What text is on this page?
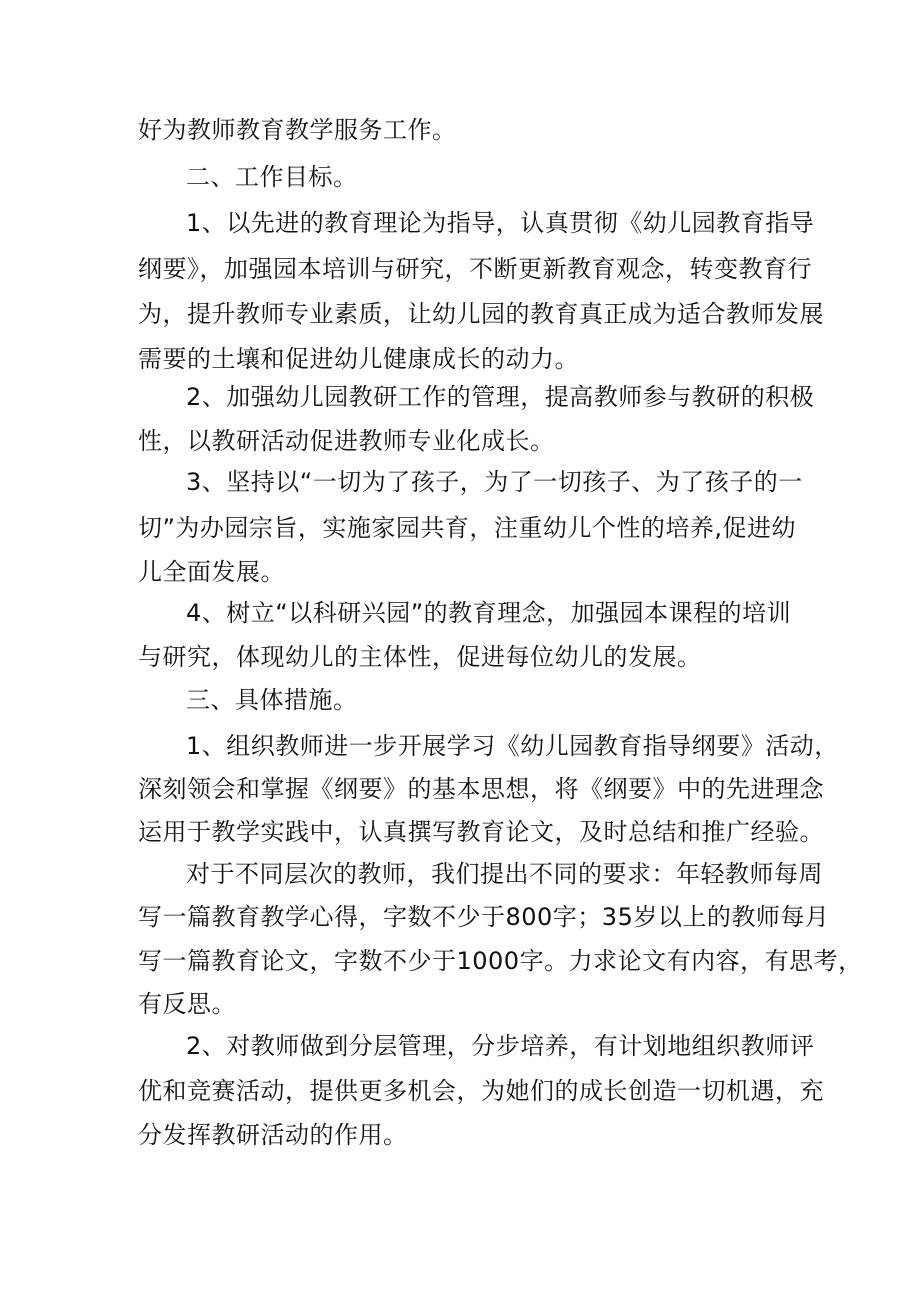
好为教师教育教学服务工作。
二、工作目标。
1、以先进的教育理论为指导，认真贯彻《幼儿园教育指导
纲要》，加强园本培训与研究，不断更新教育观念，转变教育行
为，提升教师专业素质，让幼儿园的教育真正成为适合教师发展
需要的土壤和促进幼儿健康成长的动力。
2、加强幼儿园教研工作的管理，提高教师参与教研的积极
性，以教研活动促进教师专业化成长。
3、坚持以“一切为了孩子，为了一切孩子、为了孩子的一
切”为办园宗旨，实施家园共育，注重幼儿个性的培养,促进幼
儿全面发展。
4、树立“以科研兴园”的教育理念，加强园本课程的培训
与研究，体现幼儿的主体性，促进每位幼儿的发展。
三、具体措施。
1、组织教师进一步开展学习《幼儿园教育指导纲要》活动，
深刻领会和掌握《纲要》的基本思想，将《纲要》中的先进理念
运用于教学实践中，认真撰写教育论文，及时总结和推广经验。
对于不同层次的教师，我们提出不同的要求：年轻教师每周
写一篇教育教学心得，字数不少于800字；35岁以上的教师每月
写一篇教育论文，字数不少于1000字。力求论文有内容，有思考，
有反思。
2、对教师做到分层管理，分步培养，有计划地组织教师评
优和竞赛活动，提供更多机会，为她们的成长创造一切机遇，充
分发挥教研活动的作用。
